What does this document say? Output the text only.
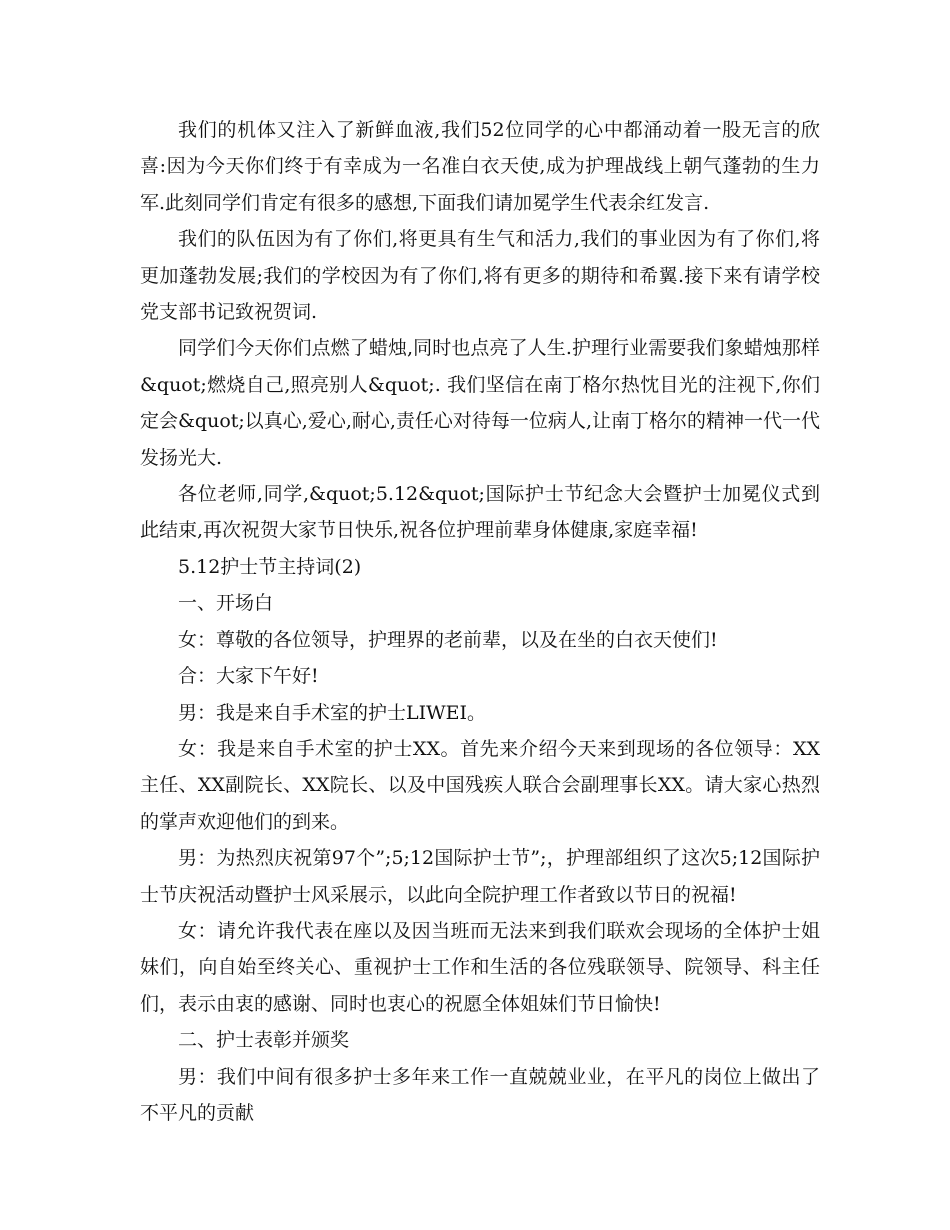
我们的机体又注入了新鲜血液,我们52位同学的心中都涌动着一股无言的欣喜:因为今天你们终于有幸成为一名准白衣天使,成为护理战线上朝气蓬勃的生力军.此刻同学们肯定有很多的感想,下面我们请加冕学生代表余红发言.

我们的队伍因为有了你们,将更具有生气和活力,我们的事业因为有了你们,将更加蓬勃发展;我们的学校因为有了你们,将有更多的期待和希翼.接下来有请学校党支部书记致祝贺词.

同学们今天你们点燃了蜡烛,同时也点亮了人生.护理行业需要我们象蜡烛那样&quot;燃烧自己,照亮别人&quot;. 我们坚信在南丁格尔热忱目光的注视下,你们定会&quot;以真心,爱心,耐心,责任心对待每一位病人,让南丁格尔的精神一代一代发扬光大.

各位老师,同学,&quot;5.12&quot;国际护士节纪念大会暨护士加冕仪式到此结束,再次祝贺大家节日快乐,祝各位护理前辈身体健康,家庭幸福!

5.12护士节主持词(2)

一、开场白

女：尊敬的各位领导，护理界的老前辈，以及在坐的白衣天使们!

合：大家下午好!

男：我是来自手术室的护士LIWEI。

女：我是来自手术室的护士XX。首先来介绍今天来到现场的各位领导：XX主任、XX副院长、XX院长、以及中国残疾人联合会副理事长XX。请大家心热烈的掌声欢迎他们的到来。

男：为热烈庆祝第97个”;5;12国际护士节”;，护理部组织了这次5;12国际护士节庆祝活动暨护士风采展示，以此向全院护理工作者致以节日的祝福!

女：请允许我代表在座以及因当班而无法来到我们联欢会现场的全体护士姐妹们，向自始至终关心、重视护士工作和生活的各位残联领导、院领导、科主任们，表示由衷的感谢、同时也衷心的祝愿全体姐妹们节日愉快!

二、护士表彰并颁奖

男：我们中间有很多护士多年来工作一直兢兢业业，在平凡的岗位上做出了不平凡的贡献
